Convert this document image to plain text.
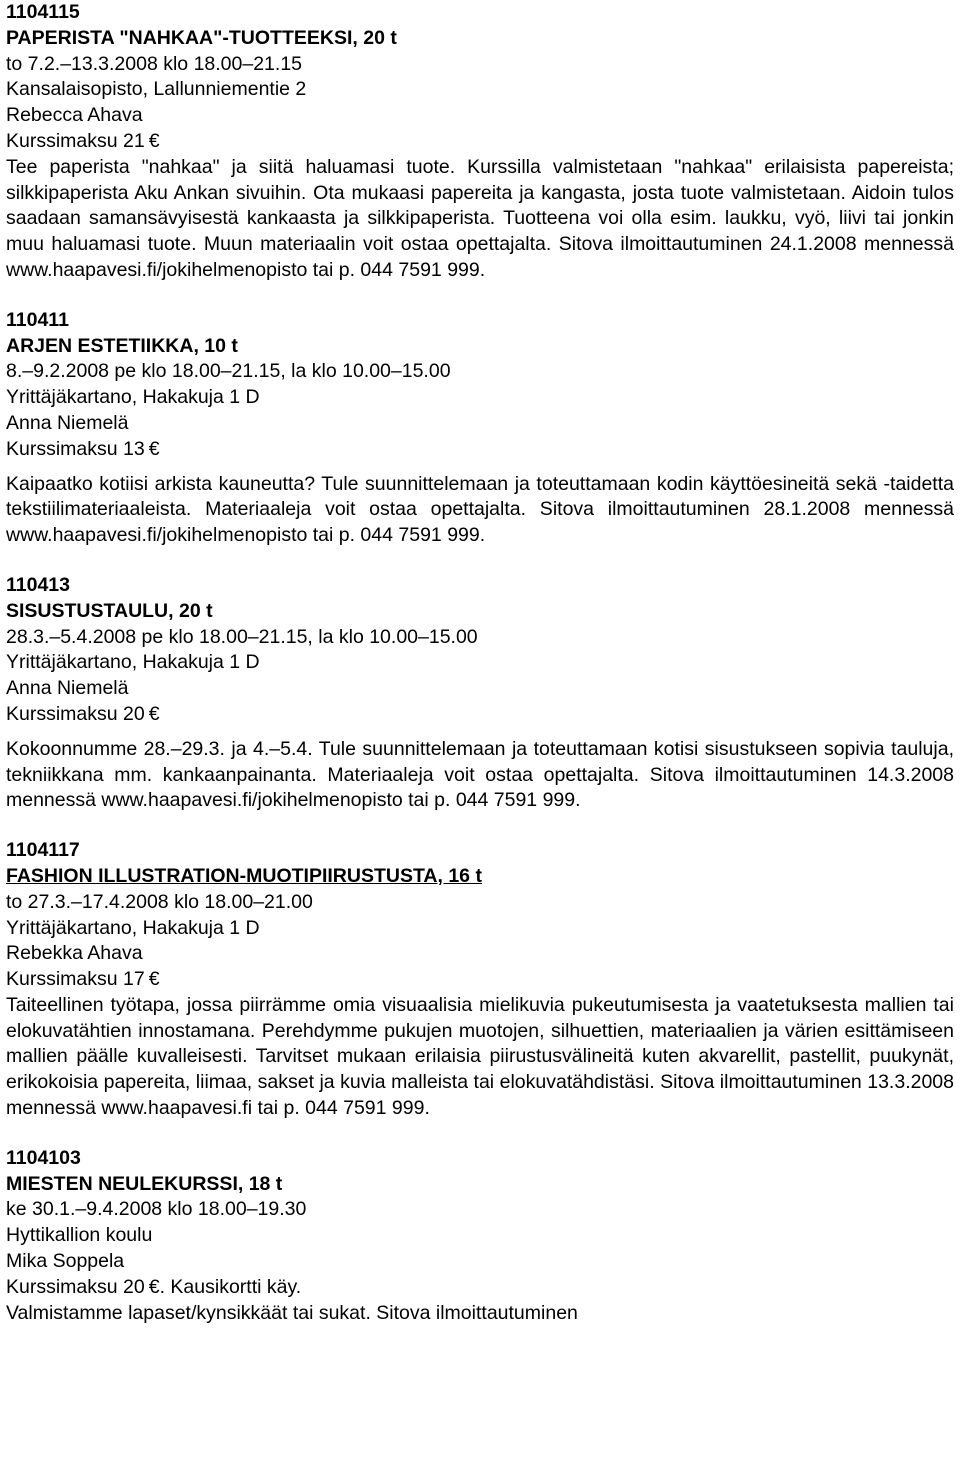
1104115
PAPERISTA "NAHKAA"-TUOTTEEKSI, 20 t
to 7.2.–13.3.2008 klo 18.00–21.15
Kansalaisopisto, Lallunniementie 2
Rebecca Ahava
Kurssimaksu 21 €

Tee paperista "nahkaa" ja siitä haluamasi tuote. Kurssilla valmistetaan "nahkaa" erilaisista papereista; silkkipaperista Aku Ankan sivuihin. Ota mukaasi papereita ja kangasta, josta tuote valmistetaan. Aidoin tulos saadaan samansävyisestä kankaasta ja silkkipaperista. Tuotteena voi olla esim. laukku, vyö, liivi tai jonkin muu haluamasi tuote. Muun materiaalin voit ostaa opettajalta. Sitova ilmoittautuminen 24.1.2008 mennessä www.haapavesi.fi/jokihelmenopisto tai p. 044 7591 999.

110411
ARJEN ESTETIIKKA, 10 t
8.–9.2.2008 pe klo 18.00–21.15, la klo 10.00–15.00
Yrittäjäkartano, Hakakuja 1 D
Anna Niemelä
Kurssimaksu 13 €

Kaipaatko kotiisi arkista kauneutta? Tule suunnittelemaan ja toteuttamaan kodin käyttöesineitä sekä -taidetta tekstiilimateriaaleista. Materiaaleja voit ostaa opettajalta. Sitova ilmoittautuminen 28.1.2008 mennessä www.haapavesi.fi/jokihelmenopisto tai p. 044 7591 999.

110413
SISUSTUSTAULU, 20 t
28.3.–5.4.2008 pe klo 18.00–21.15, la klo 10.00–15.00
Yrittäjäkartano, Hakakuja 1 D
Anna Niemelä
Kurssimaksu 20 €

Kokoonnumme 28.–29.3. ja 4.–5.4. Tule suunnittelemaan ja toteuttamaan kotisi sisustukseen sopivia tauluja, tekniikkana mm. kankaanpainanta. Materiaaleja voit ostaa opettajalta. Sitova ilmoittautuminen 14.3.2008 mennessä www.haapavesi.fi/jokihelmenopisto tai p. 044 7591 999.

1104117
FASHION ILLUSTRATION-MUOTIPIIRUSTUSTA, 16 t
to 27.3.–17.4.2008 klo 18.00–21.00
Yrittäjäkartano, Hakakuja 1 D
Rebekka Ahava
Kurssimaksu 17 €

Taiteellinen työtapa, jossa piirrämme omia visuaalisia mielikuvia pukeutumisesta ja vaatetuksesta mallien tai elokuvatähtien innostamana. Perehdymme pukujen muotojen, silhuettien, materiaalien ja värien esittämiseen mallien päälle kuvalleisesti. Tarvitset mukaan erilaisia piirustusvälineitä kuten akvarellit, pastellit, puukynät, erikokoisia papereita, liimaa, sakset ja kuvia malleista tai elokuvatähdistäsi. Sitova ilmoittautuminen 13.3.2008 mennessä www.haapavesi.fi tai p. 044 7591 999.

1104103
MIESTEN NEULEKURSSI, 18 t
ke 30.1.–9.4.2008 klo 18.00–19.30
Hyttikallion koulu
Mika Soppela
Kurssimaksu 20 €. Kausikortti käy.

Valmistamme lapaset/kynsikkäät tai sukat. Sitova ilmoittautuminen
